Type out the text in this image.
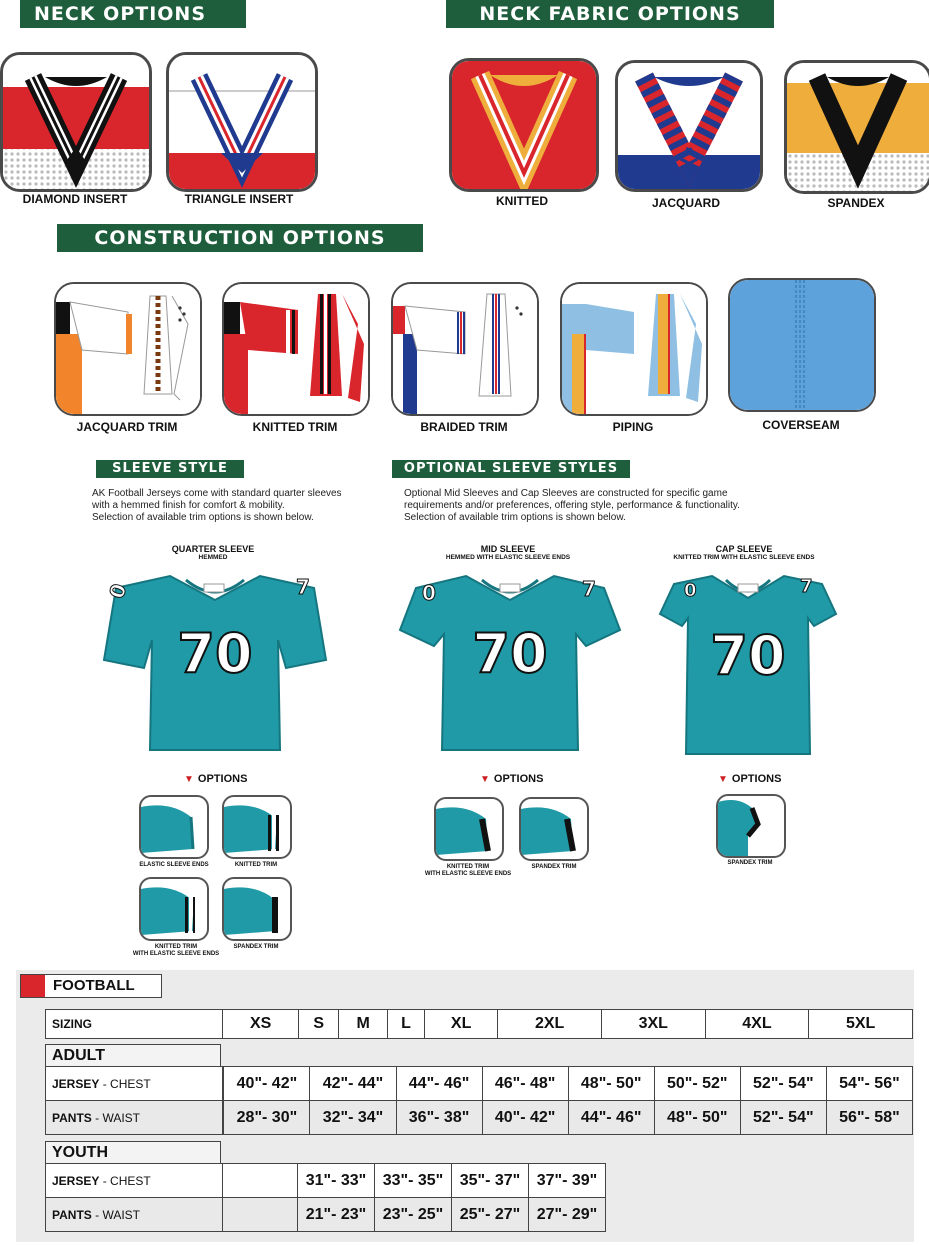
NECK OPTIONS	NECK FABRIC OPTIONS
DIAMOND INSERT	TRIANGLE INSERT	KNITTED	JACQUARD	SPANDEX
CONSTRUCTION OPTIONS
JACQUARD TRIM	KNITTED TRIM	BRAIDED TRIM	PIPING	COVERSEAM
SLEEVE STYLE	OPTIONAL SLEEVE STYLES
AK Football Jerseys come with standard quarter sleeves
with a hemmed finish for comfort & mobility.
Selection of available trim options is shown below.
Optional Mid Sleeves and Cap Sleeves are constructed for specific game
requirements and/or preferences, offering style, performance & functionality.
Selection of available trim options is shown below.
QUARTER SLEEVE
HEMMED
MID SLEEVE
HEMMED WITH ELASTIC SLEEVE ENDS
CAP SLEEVE
KNITTED TRIM WITH ELASTIC SLEEVE ENDS
70
0	7
70
0	7
70
0	7
▼ OPTIONS	▼ OPTIONS	▼ OPTIONS
ELASTIC SLEEVE ENDS	KNITTED TRIM
KNITTED TRIM
WITH ELASTIC SLEEVE ENDS
SPANDEX TRIM
KNITTED TRIM
WITH ELASTIC SLEEVE ENDS
SPANDEX TRIM
SPANDEX TRIM
FOOTBALL
SIZING	XS	S	M	L	XL	2XL	3XL	4XL	5XL
ADULT
JERSEY - CHEST		40"- 42"	42"- 44"	44"- 46"	46"- 48"	48"- 50"	50"- 52"	52"- 54"	54"- 56"
PANTS - WAIST		28"- 30"	32"- 34"	36"- 38"	40"- 42"	44"- 46"	48"- 50"	52"- 54"	56"- 58"
YOUTH
JERSEY - CHEST		31"- 33"	33"- 35"	35"- 37"	37"- 39"
PANTS - WAIST		21"- 23"	23"- 25"	25"- 27"	27"- 29"
